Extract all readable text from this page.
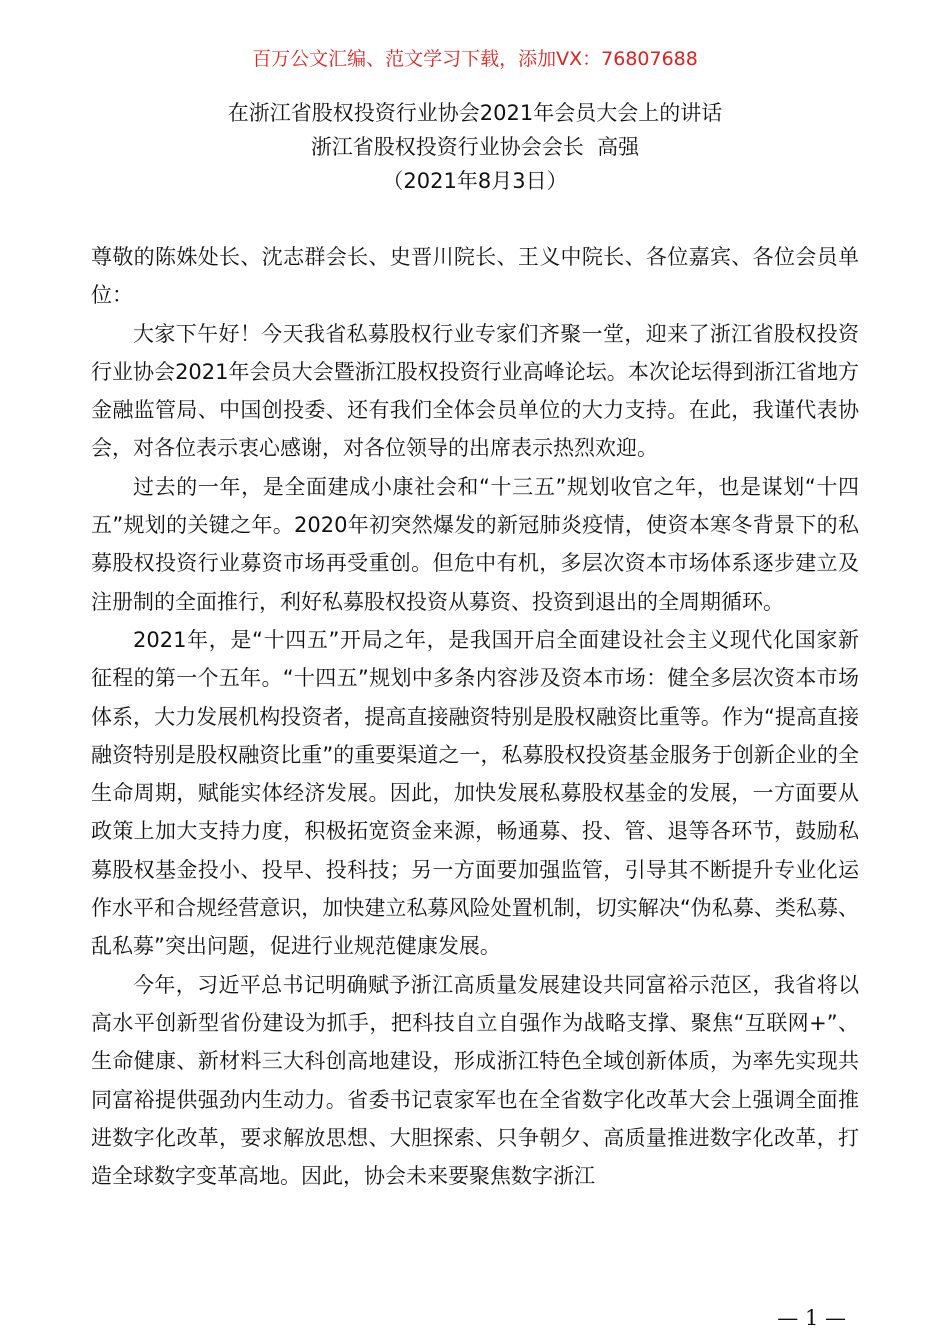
百万公文汇编、范文学习下载，添加VX：76807688
在浙江省股权投资行业协会2021年会员大会上的讲话
浙江省股权投资行业协会会长  高强
（2021年8月3日）

尊敬的陈姝处长、沈志群会长、史晋川院长、王义中院长、各位嘉宾、各位会员单位：

大家下午好！今天我省私募股权行业专家们齐聚一堂，迎来了浙江省股权投资行业协会2021年会员大会暨浙江股权投资行业高峰论坛。本次论坛得到浙江省地方金融监管局、中国创投委、还有我们全体会员单位的大力支持。在此，我谨代表协会，对各位表示衷心感谢，对各位领导的出席表示热烈欢迎。

过去的一年，是全面建成小康社会和“十三五”规划收官之年，也是谋划“十四五”规划的关键之年。2020年初突然爆发的新冠肺炎疫情，使资本寒冬背景下的私募股权投资行业募资市场再受重创。但危中有机，多层次资本市场体系逐步建立及注册制的全面推行，利好私募股权投资从募资、投资到退出的全周期循环。

2021年，是“十四五”开局之年，是我国开启全面建设社会主义现代化国家新征程的第一个五年。“十四五”规划中多条内容涉及资本市场：健全多层次资本市场体系，大力发展机构投资者，提高直接融资特别是股权融资比重等。作为“提高直接融资特别是股权融资比重”的重要渠道之一，私募股权投资基金服务于创新企业的全生命周期，赋能实体经济发展。因此，加快发展私募股权基金的发展，一方面要从政策上加大支持力度，积极拓宽资金来源，畅通募、投、管、退等各环节，鼓励私募股权基金投小、投早、投科技；另一方面要加强监管，引导其不断提升专业化运作水平和合规经营意识，加快建立私募风险处置机制，切实解决“伪私募、类私募、乱私募”突出问题，促进行业规范健康发展。

今年，习近平总书记明确赋予浙江高质量发展建设共同富裕示范区，我省将以高水平创新型省份建设为抓手，把科技自立自强作为战略支撑、聚焦“互联网+”、生命健康、新材料三大科创高地建设，形成浙江特色全域创新体质，为率先实现共同富裕提供强劲内生动力。省委书记袁家军也在全省数字化改革大会上强调全面推进数字化改革，要求解放思想、大胆探索、只争朝夕、高质量推进数字化改革，打造全球数字变革高地。因此，协会未来要聚焦数字浙江

— 1 —
